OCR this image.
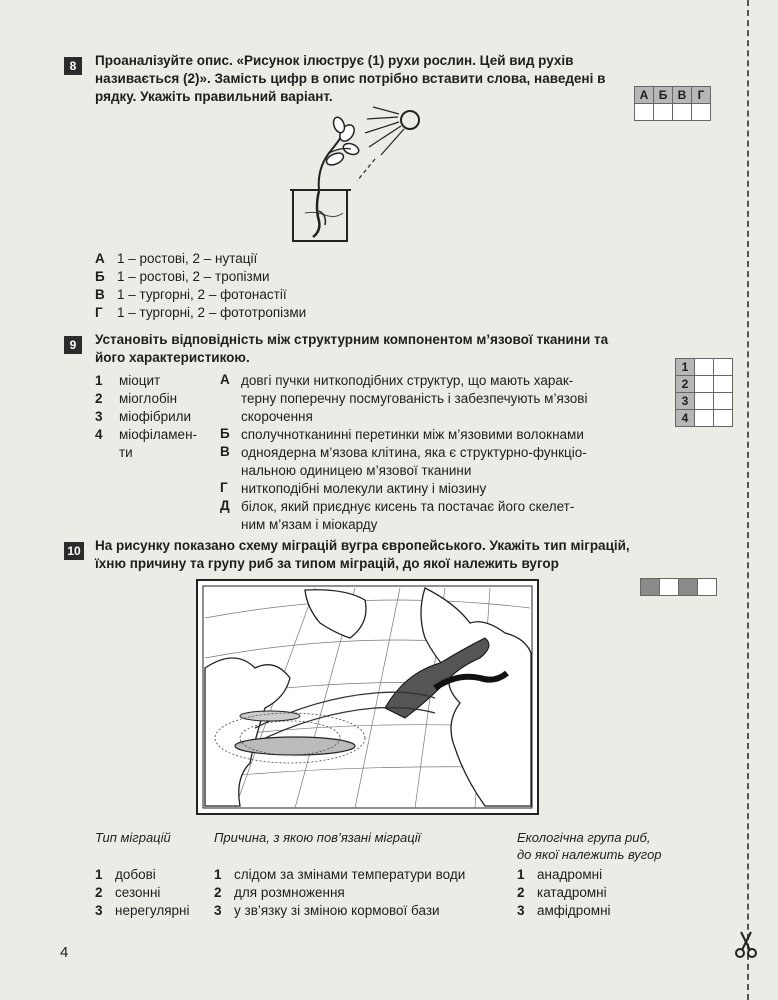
8	Проаналізуйте опис. «Рисунок ілюструє (1) рухи рослин. Цей вид рухів називається (2)». Замість цифр в опис потрібно вставити слова, наведені в рядку. Укажіть правильний варіант.	А	Б	В	Г

А 1 – ростові, 2 – нутації
Б 1 – ростові, 2 – тропізми
В 1 – тургорні, 2 – фотонастії
Г 1 – тургорні, 2 – фототропізми
9	Установіть відповідність між структурним компонентом м’язової тканини та його характеристикою.
1 міоцит
2 міоглобін
3 міофібрили
4 міофіламен-
ти
А довгі пучки ниткоподібних структур, що мають харак-
терну поперечну посмугованість і забезпечують м’язові
скорочення
Б сполучнотканинні перетинки між м’язовими волокнами
В одноядерна м’язова клітина, яка є структурно-функціо-
нальною одиницею м’язової тканини
Г ниткоподібні молекули актину і міозину
Д білок, який приєднує кисень та постачає його скелет-
ним м’язам і міокарду
1		
2		
3		
4		
10 На рисунку показано схему міграцій вугра європейського. Укажіть тип міграцій, їхню причину та групу риб за типом міграцій, до якої належить вугор

Тип міграцій	Причина, з якою пов’язані міграції	Екологічна група риб,
до якої належить вугор
1 добові
2 сезонні
3 нерегулярні
1 слідом за змінами температури води
2 для розмноження
3 у зв’язку зі зміною кормової бази
1 анадромні
2 катадромні
3 амфідромні
4
